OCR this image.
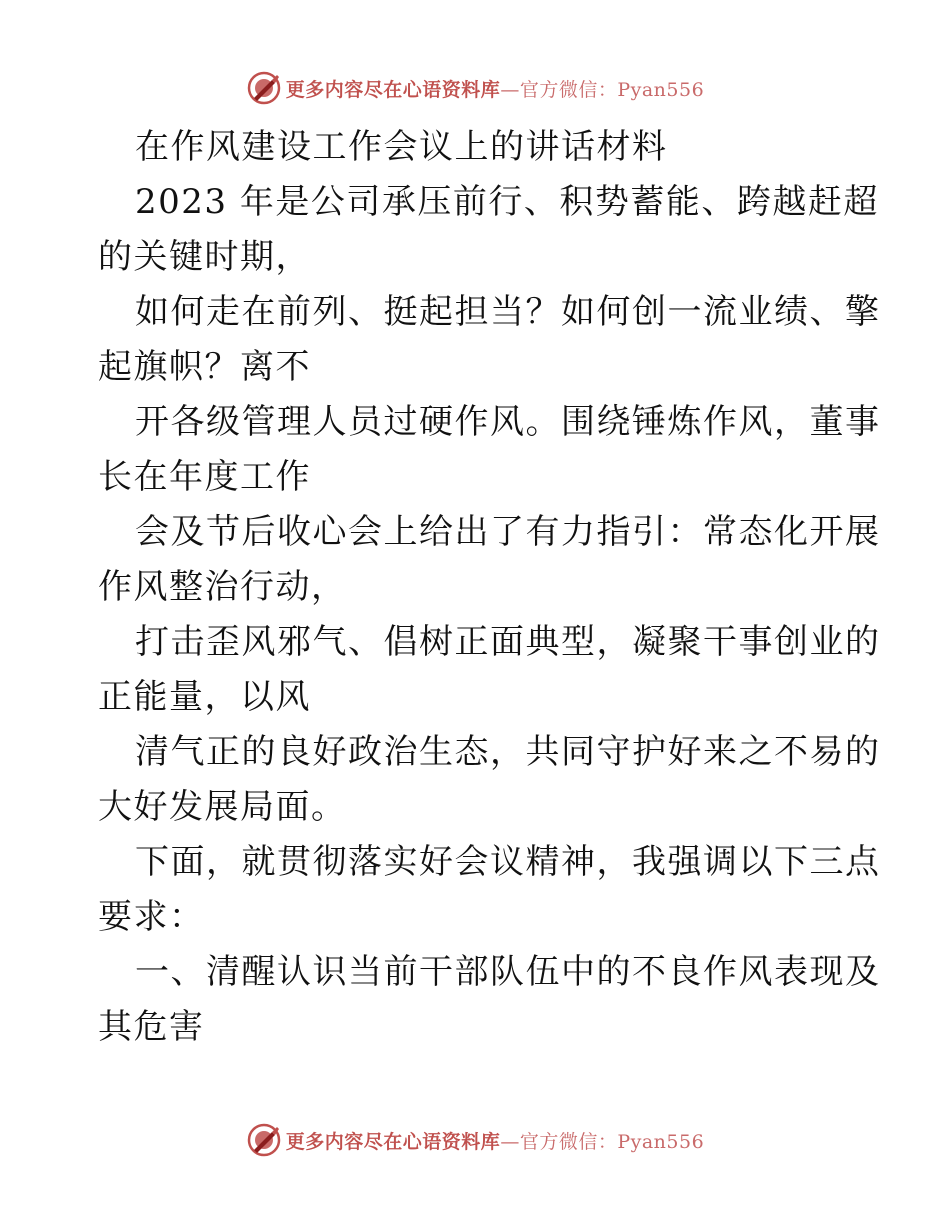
更多内容尽在心语资料库—官方微信：Pyan556

在作风建设工作会议上的讲话材料

2023 年是公司承压前行、积势蓄能、跨越赶超
的关键时期，

如何走在前列、挺起担当？如何创一流业绩、擎
起旗帜？离不

开各级管理人员过硬作风。围绕锤炼作风，董事
长在年度工作

会及节后收心会上给出了有力指引：常态化开展
作风整治行动，

打击歪风邪气、倡树正面典型，凝聚干事创业的
正能量，以风

清气正的良好政治生态，共同守护好来之不易的
大好发展局面。

下面，就贯彻落实好会议精神，我强调以下三点
要求：

一、清醒认识当前干部队伍中的不良作风表现及
其危害

更多内容尽在心语资料库—官方微信：Pyan556
